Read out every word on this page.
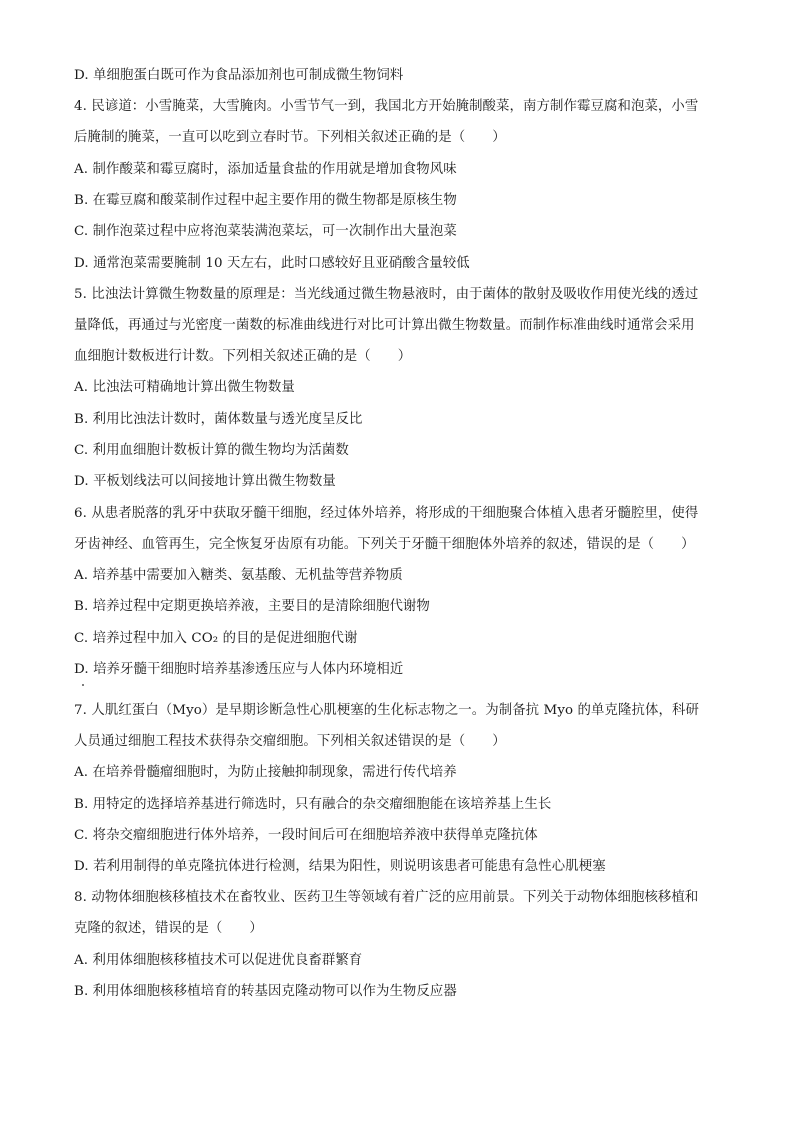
D. 单细胞蛋白既可作为食品添加剂也可制成微生物饲料
4. 民谚道：小雪腌菜，大雪腌肉。小雪节气一到，我国北方开始腌制酸菜，南方制作霉豆腐和泡菜，小雪
后腌制的腌菜，一直可以吃到立春时节。下列相关叙述正确的是（　　）
A. 制作酸菜和霉豆腐时，添加适量食盐的作用就是增加食物风味
B. 在霉豆腐和酸菜制作过程中起主要作用的微生物都是原核生物
C. 制作泡菜过程中应将泡菜装满泡菜坛，可一次制作出大量泡菜
D. 通常泡菜需要腌制 10 天左右，此时口感较好且亚硝酸含量较低
5. 比浊法计算微生物数量的原理是：当光线通过微生物悬液时，由于菌体的散射及吸收作用使光线的透过
量降低，再通过与光密度一菌数的标准曲线进行对比可计算出微生物数量。而制作标准曲线时通常会采用
血细胞计数板进行计数。下列相关叙述正确的是（　　）
A. 比浊法可精确地计算出微生物数量
B. 利用比浊法计数时，菌体数量与透光度呈反比
C. 利用血细胞计数板计算的微生物均为活菌数
D. 平板划线法可以间接地计算出微生物数量
6. 从患者脱落的乳牙中获取牙髓干细胞，经过体外培养，将形成的干细胞聚合体植入患者牙髓腔里，使得
牙齿神经、血管再生，完全恢复牙齿原有功能。下列关于牙髓干细胞体外培养的叙述，错误的是（　　）
A. 培养基中需要加入糖类、氨基酸、无机盐等营养物质
B. 培养过程中定期更换培养液，主要目的是清除细胞代谢物
C. 培养过程中加入 CO₂ 的目的是促进细胞代谢
D. 培养牙髓干细胞时培养基渗透压应与人体内环境相近
7. 人肌红蛋白（Myo）是早期诊断急性心肌梗塞的生化标志物之一。为制备抗 Myo 的单克隆抗体，科研
人员通过细胞工程技术获得杂交瘤细胞。下列相关叙述错误的是（　　）
A. 在培养骨髓瘤细胞时，为防止接触抑制现象，需进行传代培养
B. 用特定的选择培养基进行筛选时，只有融合的杂交瘤细胞能在该培养基上生长
C. 将杂交瘤细胞进行体外培养，一段时间后可在细胞培养液中获得单克隆抗体
D. 若利用制得的单克隆抗体进行检测，结果为阳性，则说明该患者可能患有急性心肌梗塞
8. 动物体细胞核移植技术在畜牧业、医药卫生等领域有着广泛的应用前景。下列关于动物体细胞核移植和
克隆的叙述，错误的是（　　）
A. 利用体细胞核移植技术可以促进优良畜群繁育
B. 利用体细胞核移植培育的转基因克隆动物可以作为生物反应器
